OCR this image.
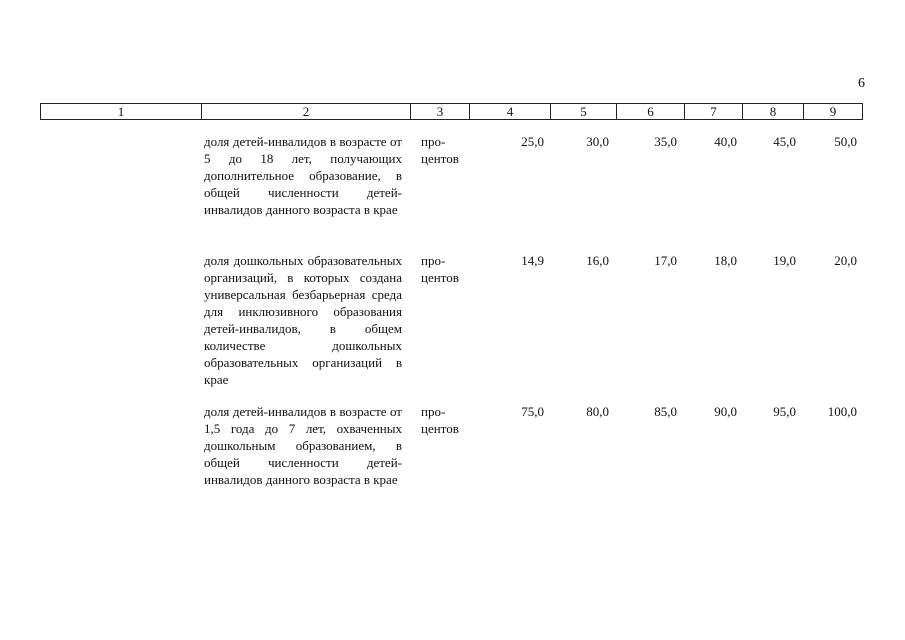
6
1	2	3	4	5	6	7	8	9
доля детей-инвалидов в возрасте от 5 до 18 лет, получающих дополнительное образование, в общей численности детей-инвалидов данного возраста в крае
про-
центов
25,0	30,0	35,0	40,0	45,0	50,0
доля дошкольных образовательных организаций, в которых создана универсальная безбарьерная среда для инклюзивного образования детей-инвалидов, в общем количестве дошкольных образовательных организаций в крае
про-
центов
14,9	16,0	17,0	18,0	19,0	20,0
доля детей-инвалидов в возрасте от 1,5 года до 7 лет, охваченных дошкольным образованием, в общей численности детей-инвалидов данного возраста в крае
про-
центов
75,0	80,0	85,0	90,0	95,0	100,0
